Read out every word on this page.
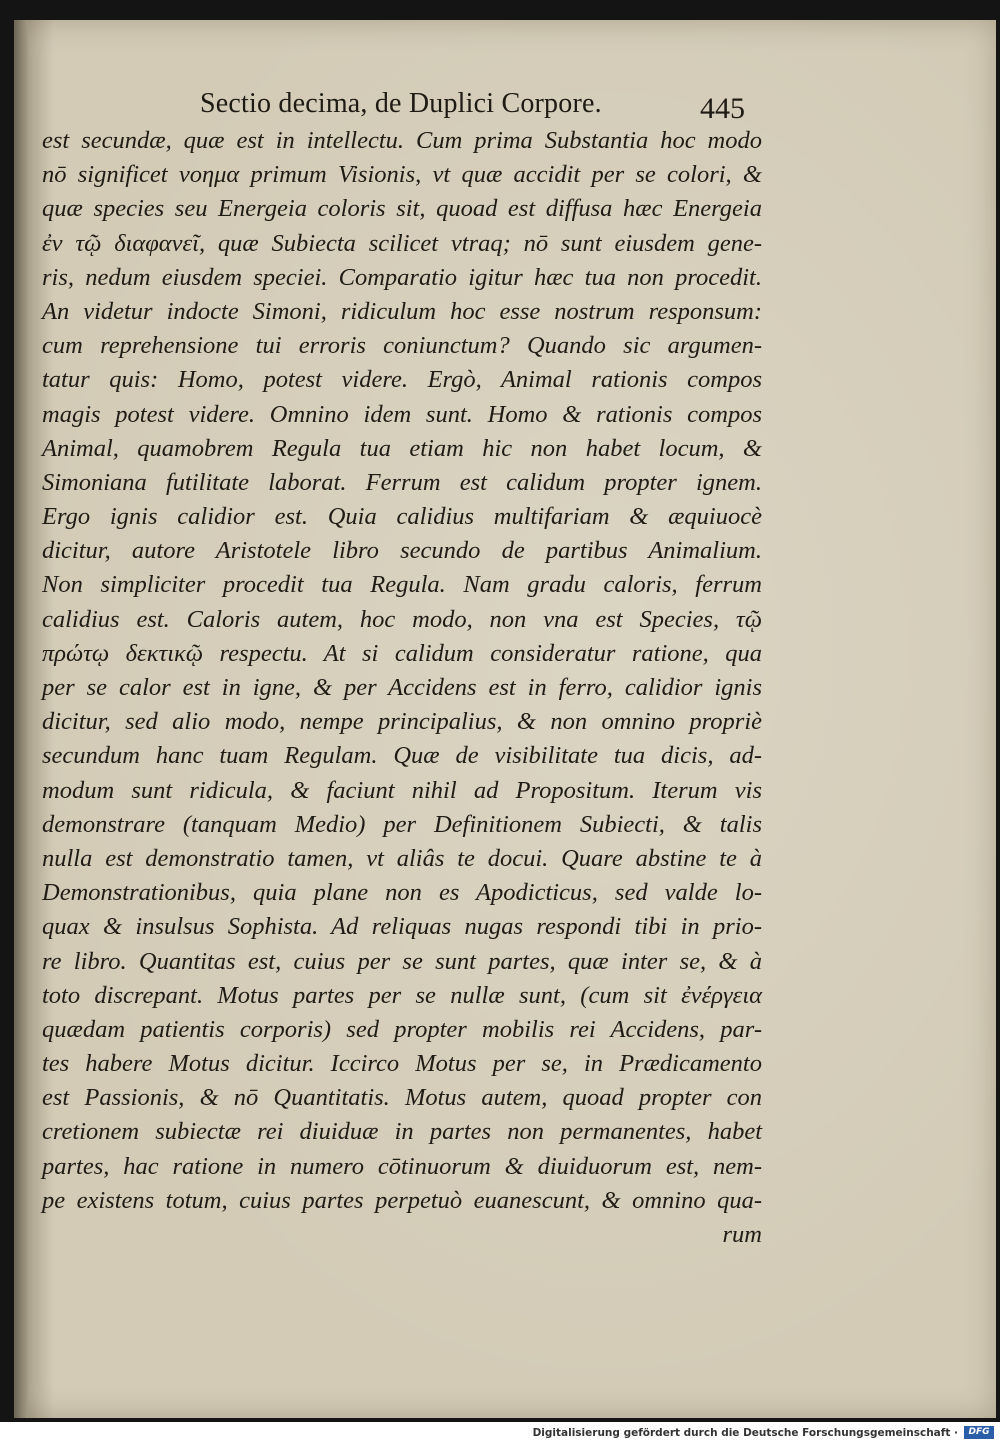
Sectio decima, de Duplici Corpore.	445
est secundæ, quæ est in intellectu. Cum prima Substantia hoc modo
nō significet νοημα primum Visionis, vt quæ accidit per se colori, &
quæ species seu Energeia coloris sit, quoad est diffusa hæc Energeia
ἐν τῷ διαφανεῖ, quæ Subiecta scilicet vtraq; nō sunt eiusdem gene-
ris, nedum eiusdem speciei. Comparatio igitur hæc tua non procedit.
An videtur indocte Simoni, ridiculum hoc esse nostrum responsum:
cum reprehensione tui erroris coniunctum? Quando sic argumen-
tatur quis: Homo, potest videre. Ergò, Animal rationis compos
magis potest videre. Omnino idem sunt. Homo & rationis compos
Animal, quamobrem Regula tua etiam hic non habet locum, &
Simoniana futilitate laborat. Ferrum est calidum propter ignem.
Ergo ignis calidior est. Quia calidius multifariam & æquiuocè
dicitur, autore Aristotele libro secundo de partibus Animalium.
Non simpliciter procedit tua Regula. Nam gradu caloris, ferrum
calidius est. Caloris autem, hoc modo, non vna est Species, τῷ
πρώτῳ δεκτικῷ respectu. At si calidum consideratur ratione, qua
per se calor est in igne, & per Accidens est in ferro, calidior ignis
dicitur, sed alio modo, nempe principalius, & non omnino propriè
secundum hanc tuam Regulam. Quæ de visibilitate tua dicis, ad-
modum sunt ridicula, & faciunt nihil ad Propositum. Iterum vis
demonstrare (tanquam Medio) per Definitionem Subiecti, & talis
nulla est demonstratio tamen, vt aliâs te docui. Quare abstine te à
Demonstrationibus, quia plane non es Apodicticus, sed valde lo-
quax & insulsus Sophista. Ad reliquas nugas respondi tibi in prio-
re libro. Quantitas est, cuius per se sunt partes, quæ inter se, & à
toto discrepant. Motus partes per se nullæ sunt, (cum sit ἐνέργεια
quædam patientis corporis) sed propter mobilis rei Accidens, par-
tes habere Motus dicitur. Iccirco Motus per se, in Prædicamento
est Passionis, & nō Quantitatis. Motus autem, quoad propter con
cretionem subiectæ rei diuiduæ in partes non permanentes, habet
partes, hac ratione in numero cōtinuorum & diuiduorum est, nem-
pe existens totum, cuius partes perpetuò euanescunt, & omnino qua-
rum
Digitalisierung gefördert durch die Deutsche Forschungsgemeinschaft ·	DFG
